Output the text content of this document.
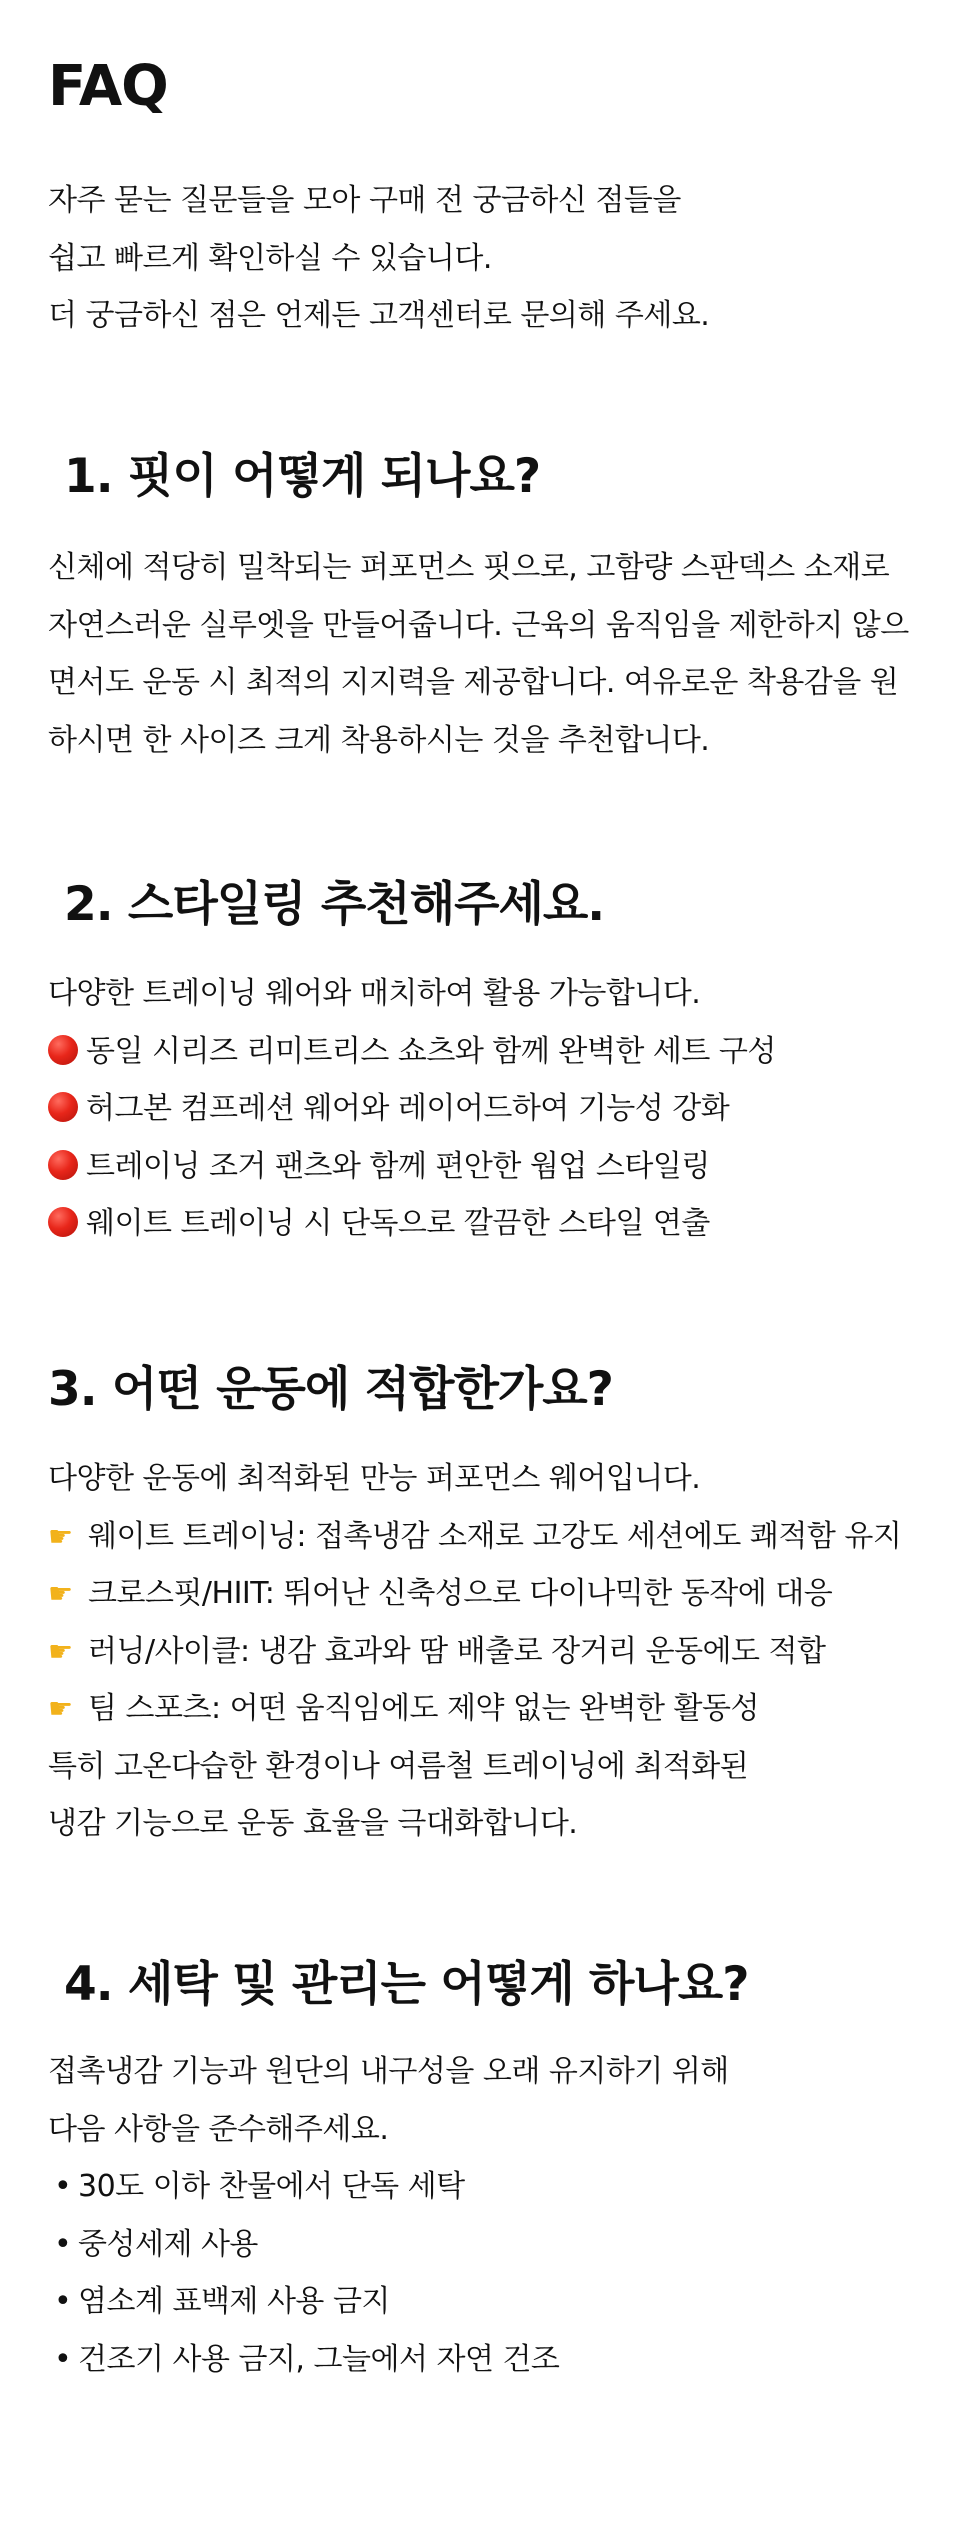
FAQ
자주 묻는 질문들을 모아 구매 전 궁금하신 점들을
쉽고 빠르게 확인하실 수 있습니다.
더 궁금하신 점은 언제든 고객센터로 문의해 주세요.
1. 핏이 어떻게 되나요?
신체에 적당히 밀착되는 퍼포먼스 핏으로, 고함량 스판덱스 소재로
자연스러운 실루엣을 만들어줍니다. 근육의 움직임을 제한하지 않으
면서도 운동 시 최적의 지지력을 제공합니다. 여유로운 착용감을 원
하시면 한 사이즈 크게 착용하시는 것을 추천합니다.
2. 스타일링 추천해주세요.
다양한 트레이닝 웨어와 매치하여 활용 가능합니다.
동일 시리즈 리미트리스 쇼츠와 함께 완벽한 세트 구성
허그본 컴프레션 웨어와 레이어드하여 기능성 강화
트레이닝 조거 팬츠와 함께 편안한 웜업 스타일링
웨이트 트레이닝 시 단독으로 깔끔한 스타일 연출
3. 어떤 운동에 적합한가요?
다양한 운동에 최적화된 만능 퍼포먼스 웨어입니다.
☛ 웨이트 트레이닝: 접촉냉감 소재로 고강도 세션에도 쾌적함 유지
☛ 크로스핏/HIIT: 뛰어난 신축성으로 다이나믹한 동작에 대응
☛ 러닝/사이클: 냉감 효과와 땀 배출로 장거리 운동에도 적합
☛ 팀 스포츠: 어떤 움직임에도 제약 없는 완벽한 활동성
특히 고온다습한 환경이나 여름철 트레이닝에 최적화된
냉감 기능으로 운동 효율을 극대화합니다.
4. 세탁 및 관리는 어떻게 하나요?
접촉냉감 기능과 원단의 내구성을 오래 유지하기 위해
다음 사항을 준수해주세요.
• 30도 이하 찬물에서 단독 세탁
• 중성세제 사용
• 염소계 표백제 사용 금지
• 건조기 사용 금지, 그늘에서 자연 건조
